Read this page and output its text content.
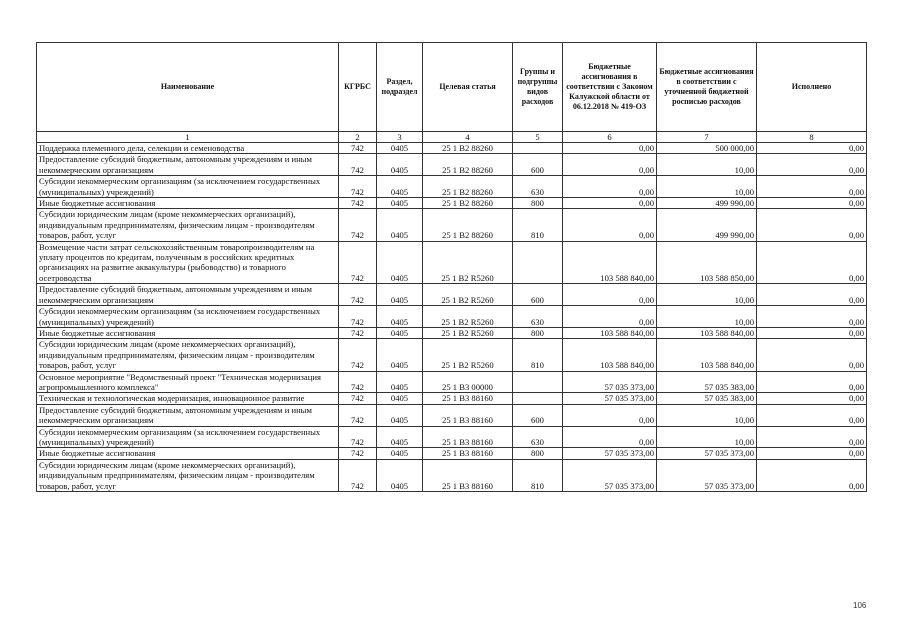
Наименование	КГРБС	Раздел, подраздел	Целевая статья	Группы и подгруппы видов расходов	Бюджетные ассигнования в соответствии с Законом Калужской области от 06.12.2018 № 419-ОЗ	Бюджетные ассигнования в соответствии с уточненной бюджетной росписью расходов	Исполнено
1	2	3	4	5	6	7	8
Поддержка племенного дела, селекции и семеноводства	742	0405	25 1 В2 88260		0,00	500 000,00	0,00
Предоставление субсидий бюджетным, автономным учреждениям и иным некоммерческим организациям	742	0405	25 1 В2 88260	600	0,00	10,00	0,00
Субсидии некоммерческим организациям (за исключением государственных (муниципальных) учреждений)	742	0405	25 1 В2 88260	630	0,00	10,00	0,00
Иные бюджетные ассигнования	742	0405	25 1 В2 88260	800	0,00	499 990,00	0,00
Субсидии юридическим лицам (кроме некоммерческих организаций), индивидуальным предпринимателям, физическим лицам - производителям товаров, работ, услуг	742	0405	25 1 В2 88260	810	0,00	499 990,00	0,00
Возмещение части затрат сельскохозяйственным товаропроизводителям на уплату процентов по кредитам, полученным в российских кредитных организациях на развитие аквакультуры (рыбоводство) и товарного осетроводства	742	0405	25 1 В2 R5260		103 588 840,00	103 588 850,00	0,00
Предоставление субсидий бюджетным, автономным учреждениям и иным некоммерческим организациям	742	0405	25 1 В2 R5260	600	0,00	10,00	0,00
Субсидии некоммерческим организациям (за исключением государственных (муниципальных) учреждений)	742	0405	25 1 В2 R5260	630	0,00	10,00	0,00
Иные бюджетные ассигнования	742	0405	25 1 В2 R5260	800	103 588 840,00	103 588 840,00	0,00
Субсидии юридическим лицам (кроме некоммерческих организаций), индивидуальным предпринимателям, физическим лицам - производителям товаров, работ, услуг	742	0405	25 1 В2 R5260	810	103 588 840,00	103 588 840,00	0,00
Основное мероприятие "Ведомственный проект "Техническая модернизация агропромышленного комплекса"	742	0405	25 1 В3 00000		57 035 373,00	57 035 383,00	0,00
Техническая и технологическая модернизация, инновационное развитие	742	0405	25 1 В3 88160		57 035 373,00	57 035 383,00	0,00
Предоставление субсидий бюджетным, автономным учреждениям и иным некоммерческим организациям	742	0405	25 1 В3 88160	600	0,00	10,00	0,00
Субсидии некоммерческим организациям (за исключением государственных (муниципальных) учреждений)	742	0405	25 1 В3 88160	630	0,00	10,00	0,00
Иные бюджетные ассигнования	742	0405	25 1 В3 88160	800	57 035 373,00	57 035 373,00	0,00
Субсидии юридическим лицам (кроме некоммерческих организаций), индивидуальным предпринимателям, физическим лицам - производителям товаров, работ, услуг	742	0405	25 1 В3 88160	810	57 035 373,00	57 035 373,00	0,00
106
